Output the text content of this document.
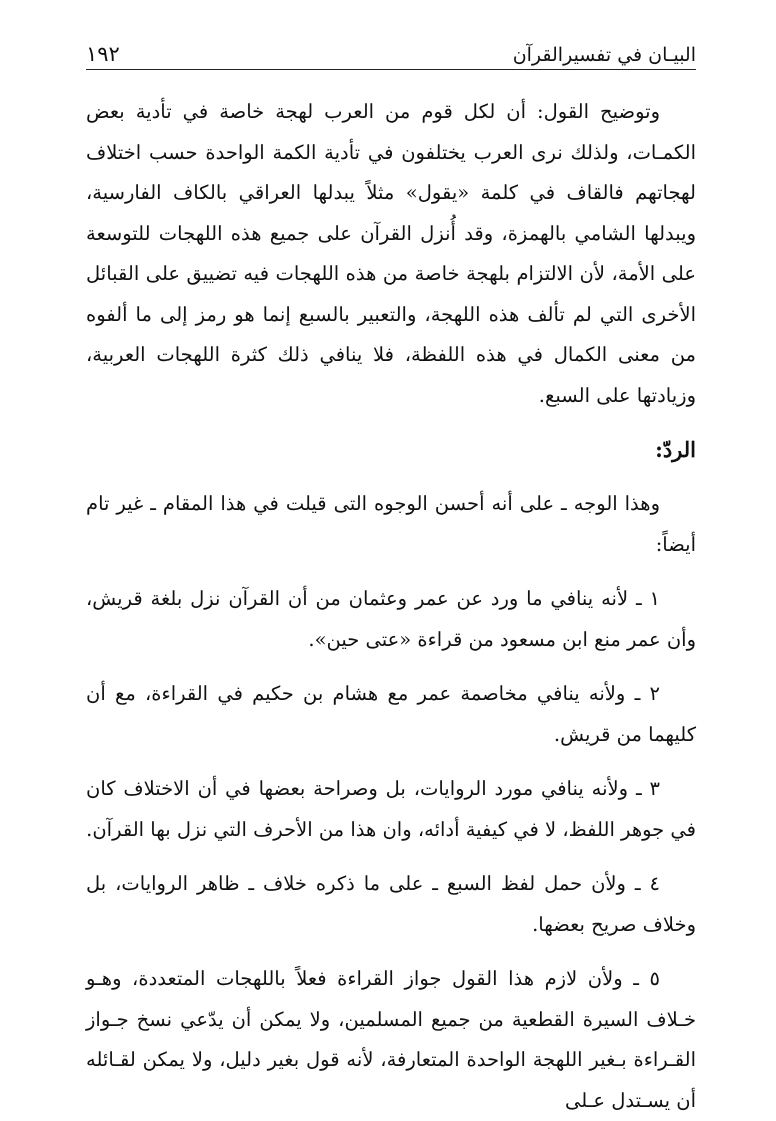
البيـان في تفسيرالقرآن
١٩٢

وتوضيح القول: أن لكل قوم من العرب لهجة خاصة في تأدية بعض الكمـات، ولذلك نرى العرب يختلفون في تأدية الكمة الواحدة حسب اختلاف لهجاتهم فالقاف في كلمة «يقول» مثلاً يبدلها العراقي بالكاف الفارسية، ويبدلها الشامي بالهمزة، وقد أُنزل القرآن على جميع هذه اللهجات للتوسعة على الأمة، لأن الالتزام بلهجة خاصة من هذه اللهجات فيه تضييق على القبائل الأخرى التي لم تألف هذه اللهجة، والتعبير بالسبع إنما هو رمز إلى ما ألفوه من معنى الكمال في هذه اللفظة، فلا ينافي ذلك كثرة اللهجات العربية، وزيادتها على السبع.

الردّ:

وهذا الوجه ـ على أنه أحسن الوجوه التى قيلت في هذا المقام ـ غير تام أيضاً:

١ ـ لأنه ينافي ما ورد عن عمر وعثمان من أن القرآن نزل بلغة قريش، وأن عمر منع ابن مسعود من قراءة «عتى حين».

٢ ـ ولأنه ينافي مخاصمة عمر مع هشام بن حكيم في القراءة، مع أن كليهما من قريش.

٣ ـ ولأنه ينافي مورد الروايات، بل وصراحة بعضها في أن الاختلاف كان في جوهر اللفظ، لا في كيفية أدائه، وان هذا من الأحرف التي نزل بها القرآن.

٤ ـ ولأن حمل لفظ السبع ـ على ما ذكره خلاف ـ ظاهر الروايات، بل وخلاف صريح بعضها.

٥ ـ ولأن لازم هذا القول جواز القراءة فعلاً باللهجات المتعددة، وهـو خـلاف السيرة القطعية من جميع المسلمين، ولا يمكن أن يدّعي نسخ جـواز القـراءة بـغير اللهجة الواحدة المتعارفة، لأنه قول بغير دليل، ولا يمكن لقـائله أن يسـتدل عـلى
